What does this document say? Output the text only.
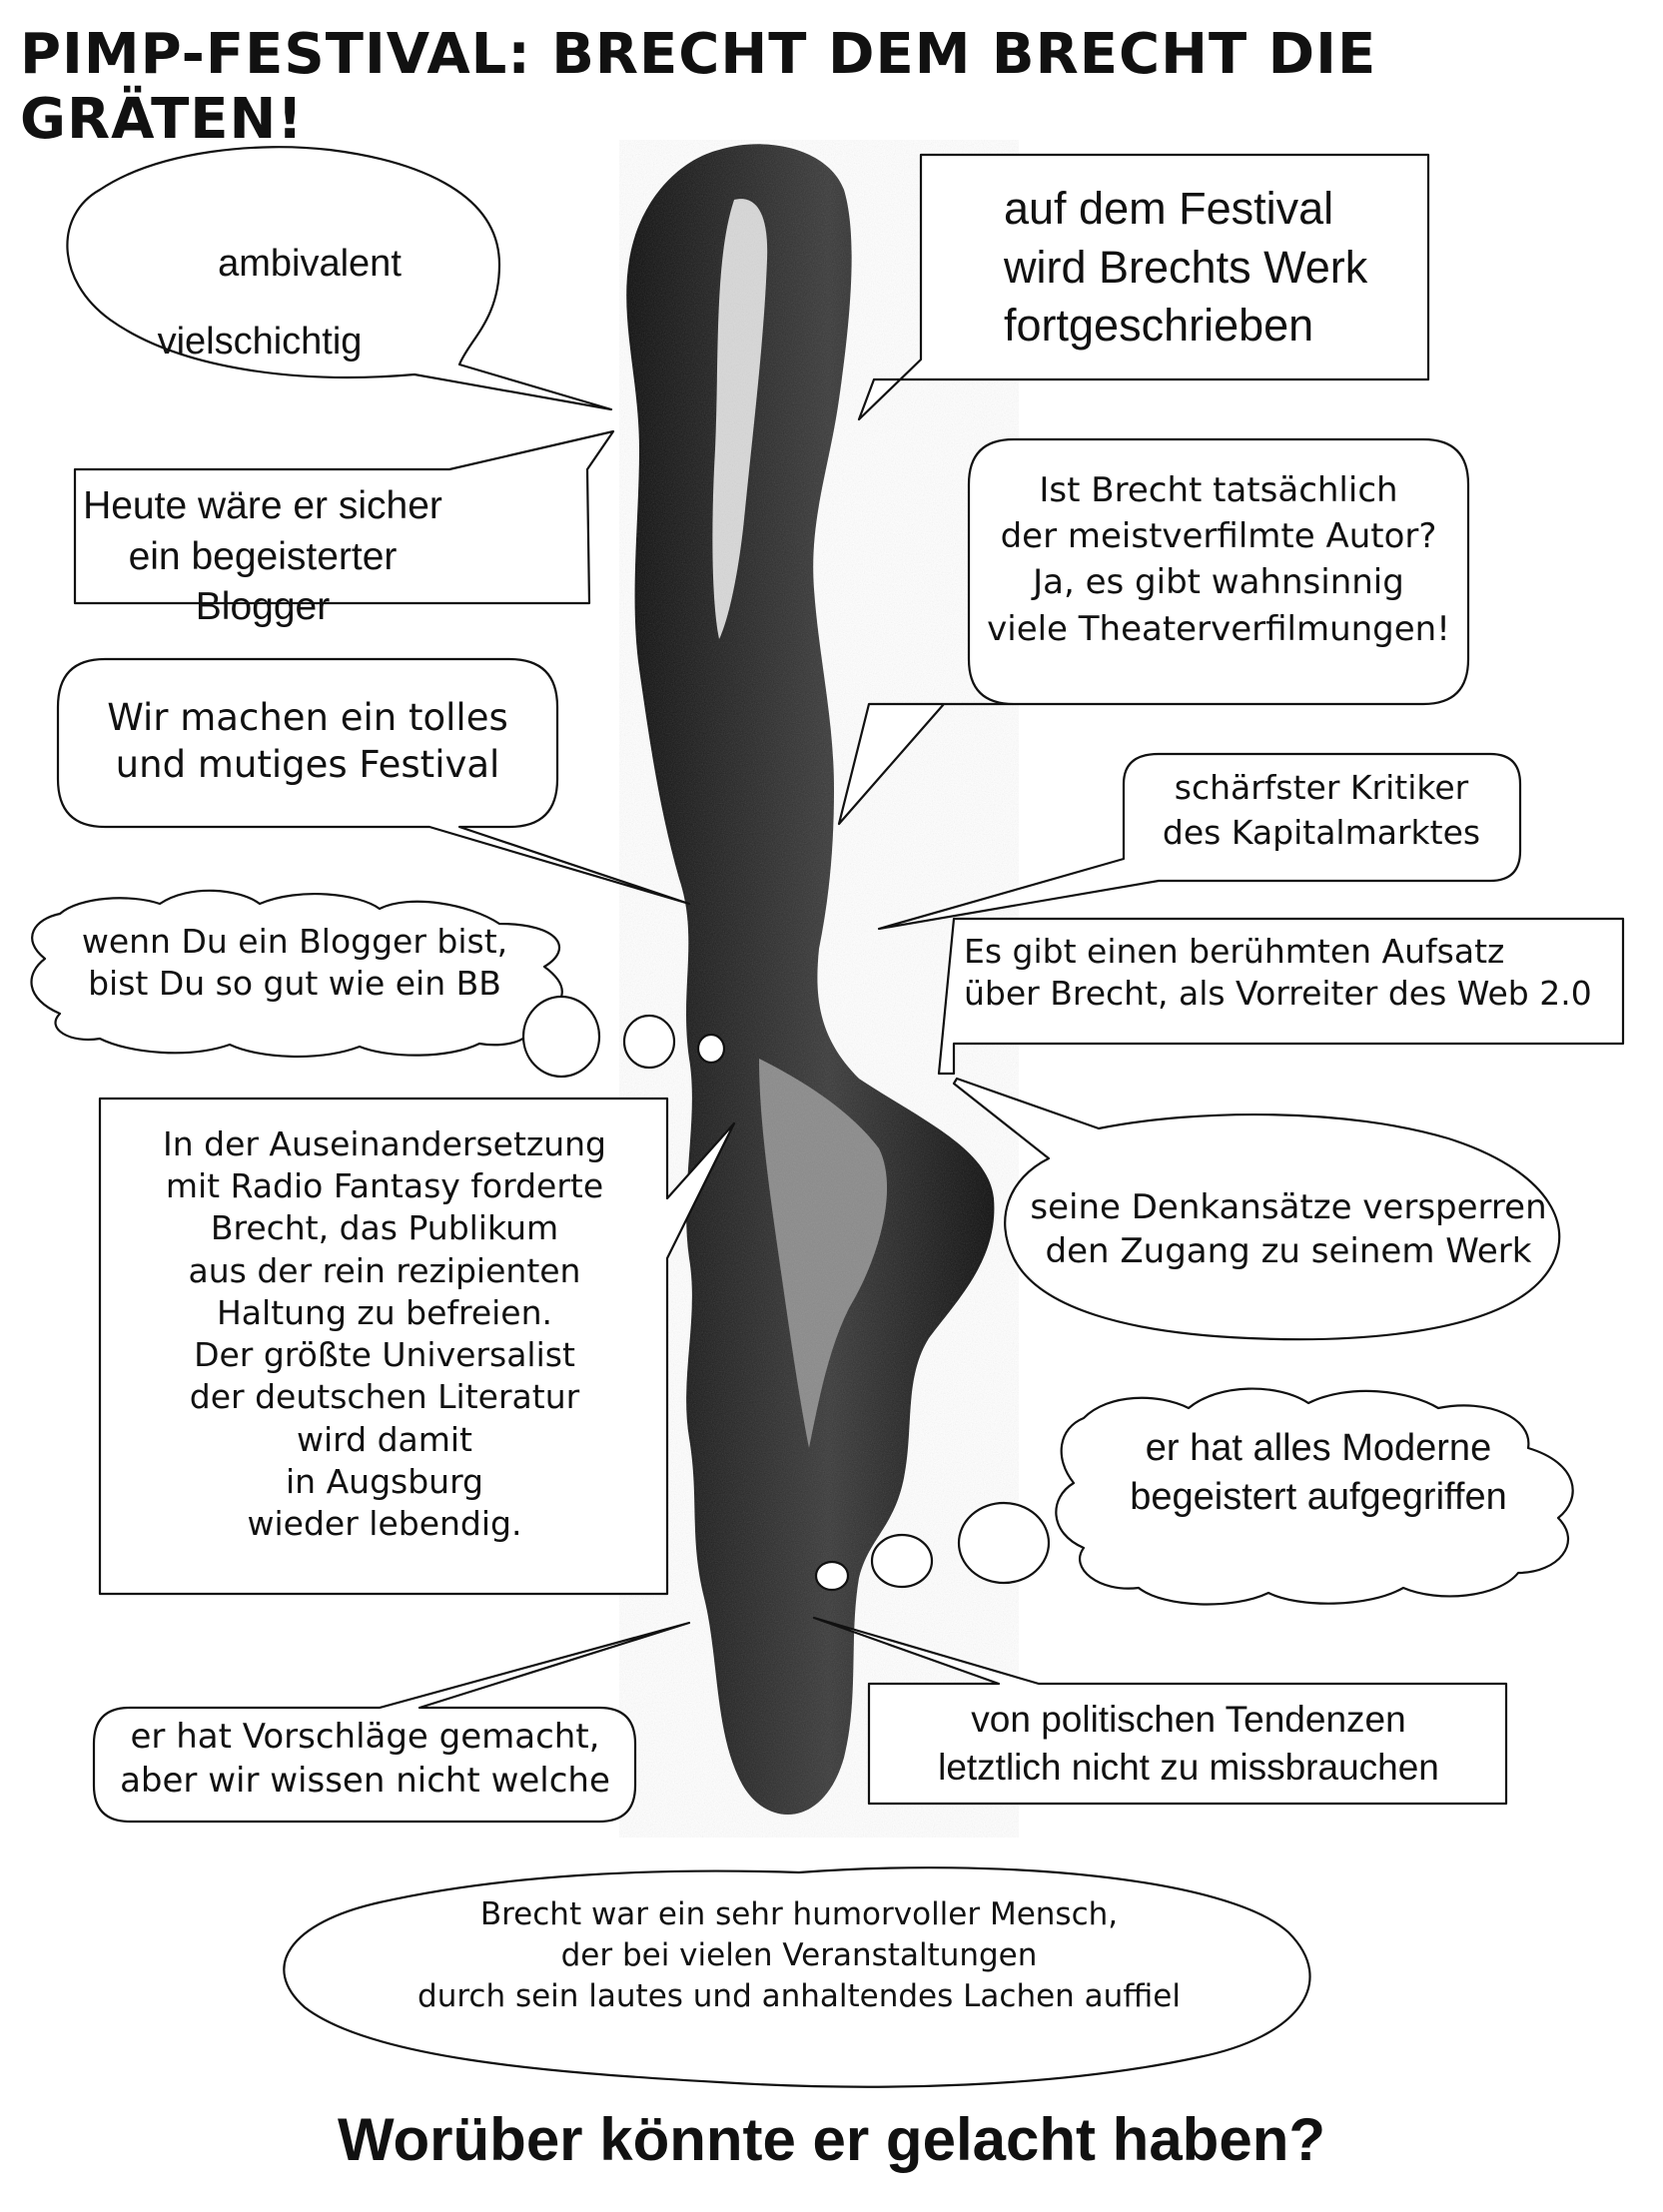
PIMP-FESTIVAL: BRECHT DEM BRECHT DIE GRÄTEN!
ambivalent
vielschichtig
auf dem Festival
wird Brechts Werk
fortgeschrieben
Heute wäre er sicher
ein begeisterter Blogger
Ist Brecht tatsächlich
der meistverfilmte Autor?
Ja, es gibt wahnsinnig
viele Theaterverfilmungen!
Wir machen ein tolles
und mutiges Festival
schärfster Kritiker
des Kapitalmarktes
wenn Du ein Blogger bist,
bist Du so gut wie ein BB
Es gibt einen berühmten Aufsatz
über Brecht, als Vorreiter des Web 2.0
In der Auseinandersetzung
mit Radio Fantasy forderte
Brecht, das Publikum
aus der rein rezipienten
Haltung zu befreien.
Der größte Universalist
der deutschen Literatur
wird damit
in Augsburg
wieder lebendig.
seine Denkansätze versperren
den Zugang zu seinem Werk
er hat alles Moderne
begeistert aufgegriffen
er hat Vorschläge gemacht,
aber wir wissen nicht welche
von politischen Tendenzen
letztlich nicht zu missbrauchen
Brecht war ein sehr humorvoller Mensch,
der bei vielen Veranstaltungen
durch sein lautes und anhaltendes Lachen auffiel
Worüber könnte er gelacht haben?
